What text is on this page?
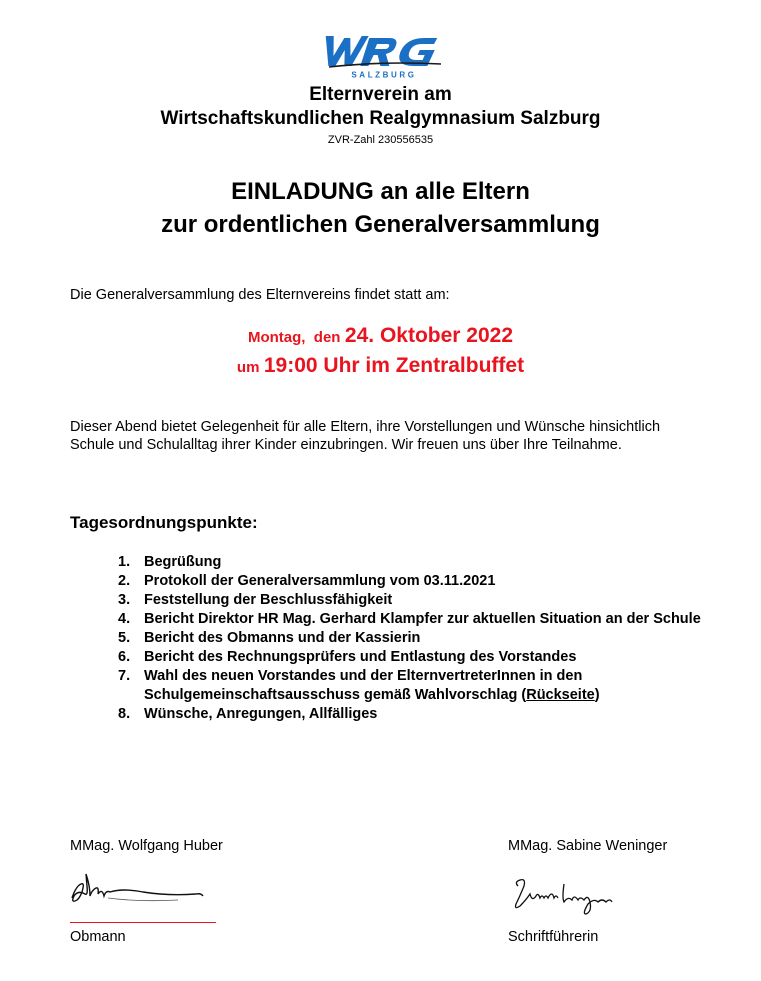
SALZBURG
Elternverein am
Wirtschaftskundlichen Realgymnasium Salzburg
ZVR-Zahl 230556535
EINLADUNG an alle Eltern
zur ordentlichen Generalversammlung
Die Generalversammlung des Elternvereins findet statt am:
Montag,  den 24. Oktober 2022
um 19:00 Uhr im Zentralbuffet
Dieser Abend bietet Gelegenheit für alle Eltern, ihre Vorstellungen und Wünsche hinsichtlich Schule und Schulalltag ihrer Kinder einzubringen. Wir freuen uns über Ihre Teilnahme.
Tagesordnungspunkte:
1. Begrüßung
2. Protokoll der Generalversammlung vom 03.11.2021
3. Feststellung der Beschlussfähigkeit
4. Bericht Direktor HR Mag. Gerhard Klampfer zur aktuellen Situation an der Schule
5. Bericht des Obmanns und der Kassierin
6. Bericht des Rechnungsprüfers und Entlastung des Vorstandes
7. Wahl des neuen Vorstandes und der ElternvertreterInnen in den Schulgemeinschaftsausschuss gemäß Wahlvorschlag (Rückseite)
8. Wünsche, Anregungen, Allfälliges
MMag. Wolfgang Huber	MMag. Sabine Weninger
Obmann	Schriftführerin
